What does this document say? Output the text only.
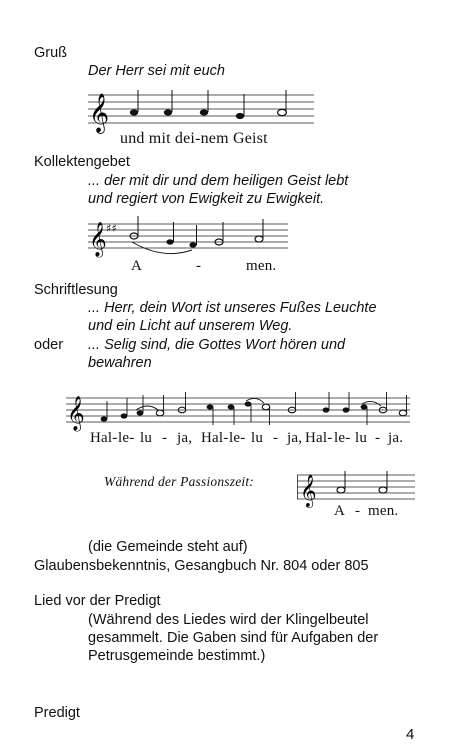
Gruß
Der Herr sei mit euch
𝄞
und mit dei-nem Geist
Kollektengebet
... der mit dir und dem heiligen Geist lebt
und regiert von Ewigkeit zu Ewigkeit.
𝄞 ♯♯
A	-	men.
Schriftlesung
... Herr, dein Wort ist unseres Fußes Leuchte
und ein Licht auf unserem Weg.
oder ... Selig sind, die Gottes Wort hören und
bewahren
𝄞
Hal- le- lu - ja, Hal- le- lu - ja, Hal- le- lu - ja.
Während der Passionszeit: 𝄞
A - men.
(die Gemeinde steht auf)
Glaubensbekenntnis, Gesangbuch Nr. 804 oder 805
Lied vor der Predigt
(Während des Liedes wird der Klingelbeutel
gesammelt. Die Gaben sind für Aufgaben der
Petrusgemeinde bestimmt.)
Predigt
4
